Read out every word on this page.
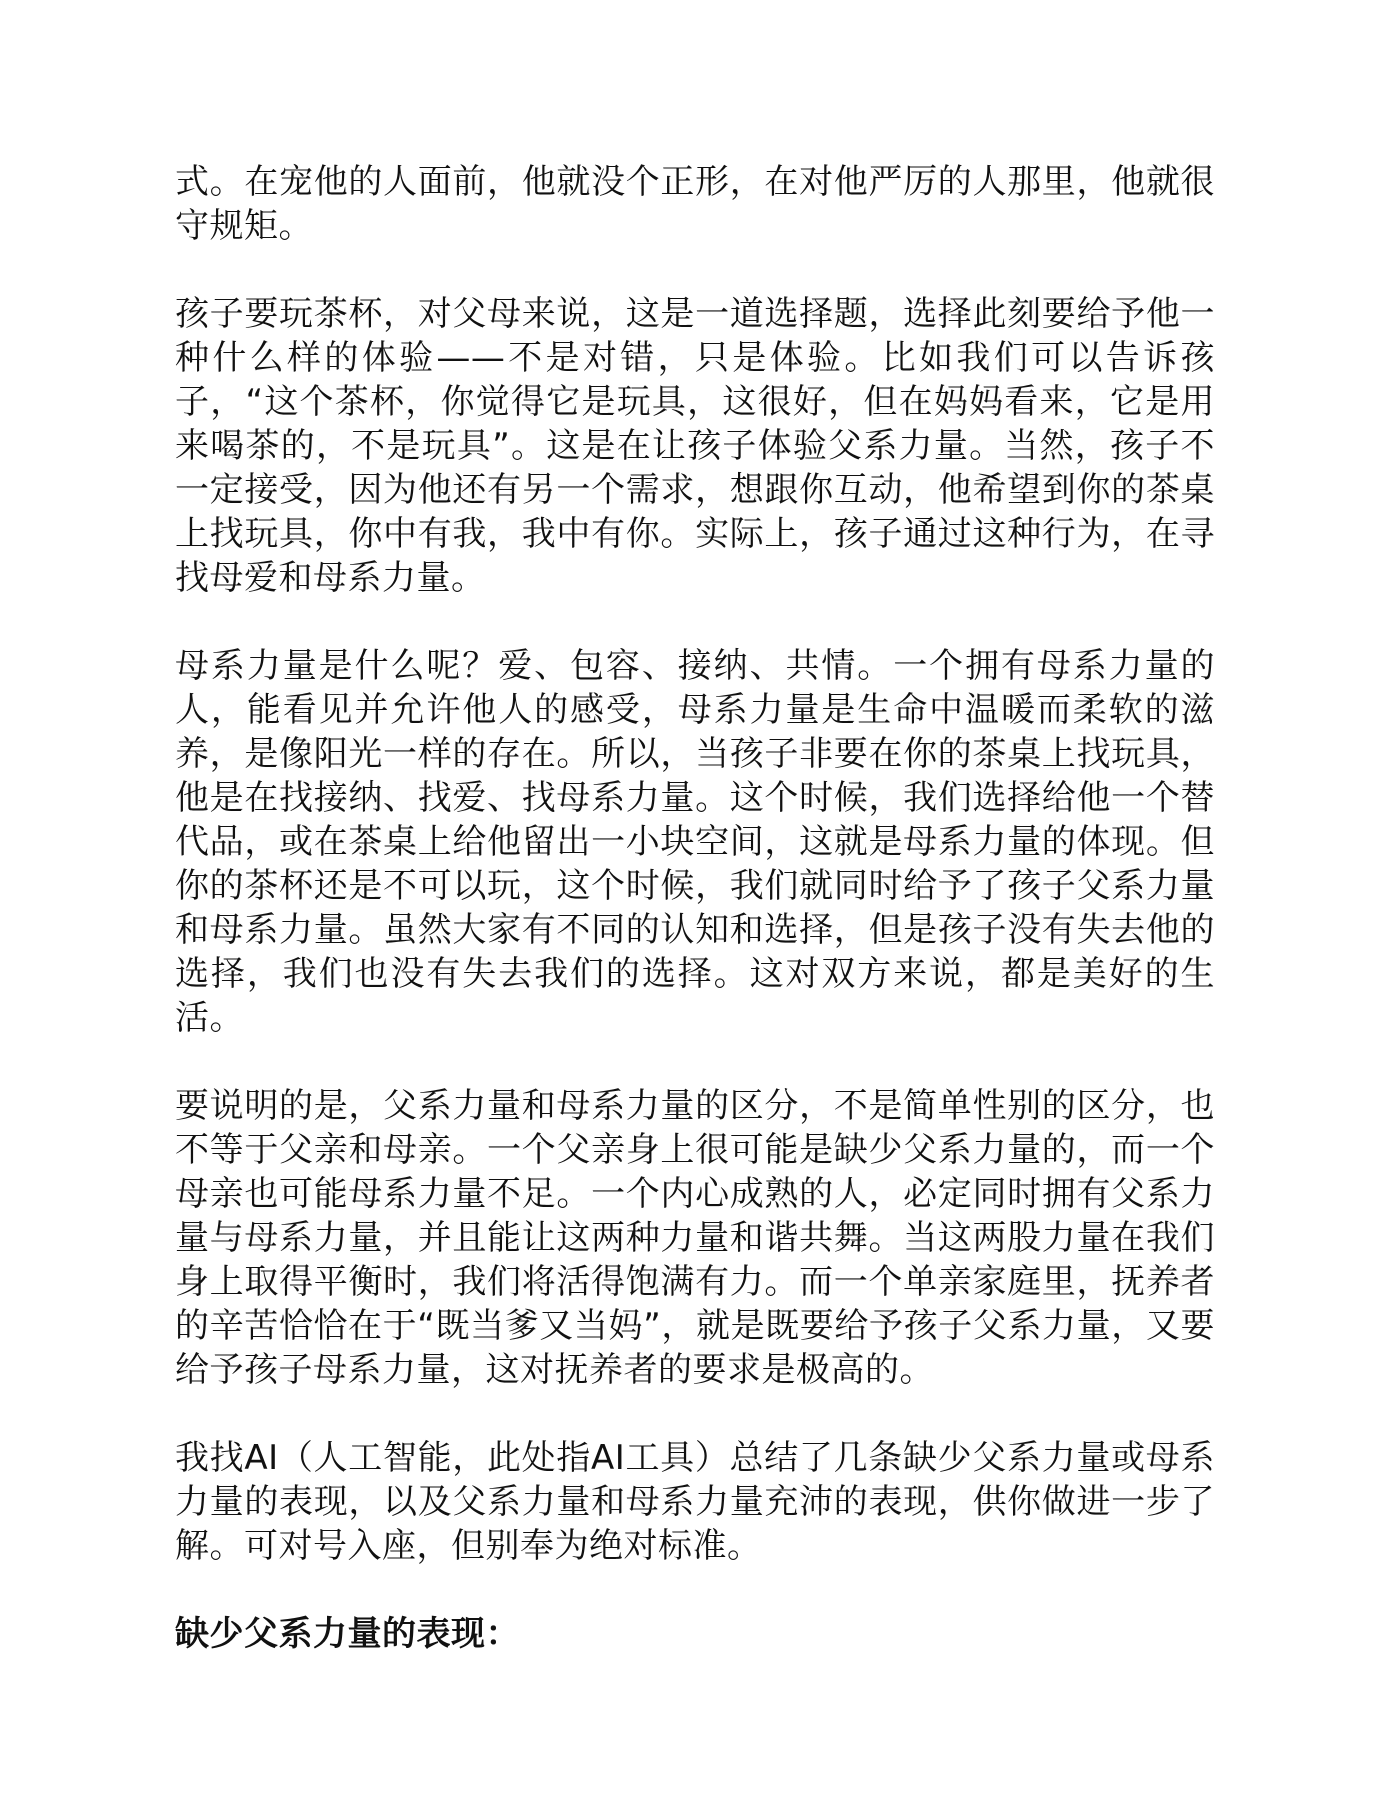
式。在宠他的人面前，他就没个正形，在对他严厉的人那里，他就很守规矩。

孩子要玩茶杯，对父母来说，这是一道选择题，选择此刻要给予他一种什么样的体验——不是对错，只是体验。比如我们可以告诉孩子，“这个茶杯，你觉得它是玩具，这很好，但在妈妈看来，它是用来喝茶的，不是玩具”。这是在让孩子体验父系力量。当然，孩子不一定接受，因为他还有另一个需求，想跟你互动，他希望到你的茶桌上找玩具，你中有我，我中有你。实际上，孩子通过这种行为，在寻找母爱和母系力量。

母系力量是什么呢？爱、包容、接纳、共情。一个拥有母系力量的人，能看见并允许他人的感受，母系力量是生命中温暖而柔软的滋养，是像阳光一样的存在。所以，当孩子非要在你的茶桌上找玩具，他是在找接纳、找爱、找母系力量。这个时候，我们选择给他一个替代品，或在茶桌上给他留出一小块空间，这就是母系力量的体现。但你的茶杯还是不可以玩，这个时候，我们就同时给予了孩子父系力量和母系力量。虽然大家有不同的认知和选择，但是孩子没有失去他的选择，我们也没有失去我们的选择。这对双方来说，都是美好的生活。

要说明的是，父系力量和母系力量的区分，不是简单性别的区分，也不等于父亲和母亲。一个父亲身上很可能是缺少父系力量的，而一个母亲也可能母系力量不足。一个内心成熟的人，必定同时拥有父系力量与母系力量，并且能让这两种力量和谐共舞。当这两股力量在我们身上取得平衡时，我们将活得饱满有力。而一个单亲家庭里，抚养者的辛苦恰恰在于“既当爹又当妈”，就是既要给予孩子父系力量，又要给予孩子母系力量，这对抚养者的要求是极高的。

我找AI（人工智能，此处指AI工具）总结了几条缺少父系力量或母系力量的表现，以及父系力量和母系力量充沛的表现，供你做进一步了解。可对号入座，但别奉为绝对标准。

缺少父系力量的表现：
